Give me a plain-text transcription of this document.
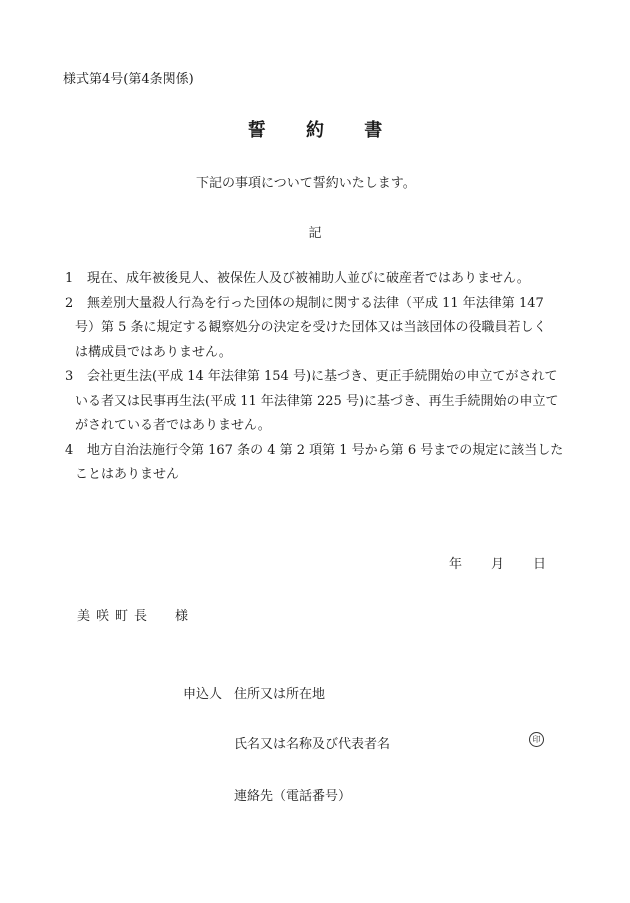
様式第4号(第4条関係)
誓 約 書
下記の事項について誓約いたします。
記
1	現在、成年被後見人、被保佐人及び被補助人並びに破産者ではありません。
2	無差別大量殺人行為を行った団体の規制に関する法律（平成 11 年法律第 147
号）第 5 条に規定する観察処分の決定を受けた団体又は当該団体の役職員若しく
は構成員ではありません。
3	会社更生法(平成 14 年法律第 154 号)に基づき、更正手続開始の申立てがされて
いる者又は民事再生法(平成 11 年法律第 225 号)に基づき、再生手続開始の申立て
がされている者ではありません。
4	地方自治法施行令第 167 条の 4 第 2 項第 1 号から第 6 号までの規定に該当した
ことはありません
年 月 日
美咲町長 様
申込人 住所又は所在地
氏名又は名称及び代表者名	印
連絡先（電話番号）
